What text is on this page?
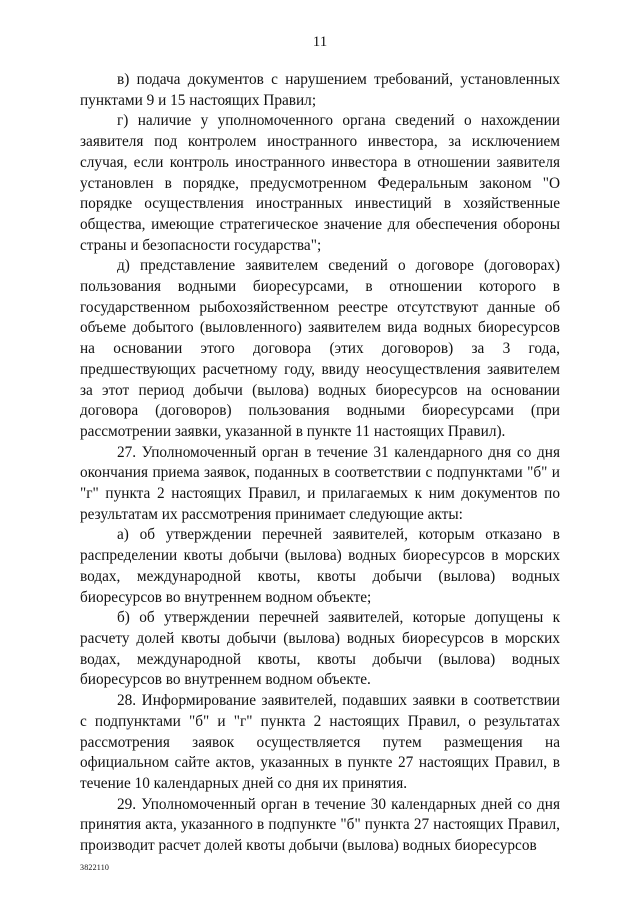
11

в) подача документов с нарушением требований, установленных пунктами 9 и 15 настоящих Правил;

г) наличие у уполномоченного органа сведений о нахождении заявителя под контролем иностранного инвестора, за исключением случая, если контроль иностранного инвестора в отношении заявителя установлен в порядке, предусмотренном Федеральным законом "О порядке осуществления иностранных инвестиций в хозяйственные общества, имеющие стратегическое значение для обеспечения обороны страны и безопасности государства";

д) представление заявителем сведений о договоре (договорах) пользования водными биоресурсами, в отношении которого в государственном рыбохозяйственном реестре отсутствуют данные об объеме добытого (выловленного) заявителем вида водных биоресурсов на основании этого договора (этих договоров) за 3 года, предшествующих расчетному году, ввиду неосуществления заявителем за этот период добычи (вылова) водных биоресурсов на основании договора (договоров) пользования водными биоресурсами (при рассмотрении заявки, указанной в пункте 11 настоящих Правил).

27. Уполномоченный орган в течение 31 календарного дня со дня окончания приема заявок, поданных в соответствии с подпунктами "б" и "г" пункта 2 настоящих Правил, и прилагаемых к ним документов по результатам их рассмотрения принимает следующие акты:

а) об утверждении перечней заявителей, которым отказано в распределении квоты добычи (вылова) водных биоресурсов в морских водах, международной квоты, квоты добычи (вылова) водных биоресурсов во внутреннем водном объекте;

б) об утверждении перечней заявителей, которые допущены к расчету долей квоты добычи (вылова) водных биоресурсов в морских водах, международной квоты, квоты добычи (вылова) водных биоресурсов во внутреннем водном объекте.

28. Информирование заявителей, подавших заявки в соответствии с подпунктами "б" и "г" пункта 2 настоящих Правил, о результатах рассмотрения заявок осуществляется путем размещения на официальном сайте актов, указанных в пункте 27 настоящих Правил, в течение 10 календарных дней со дня их принятия.

29. Уполномоченный орган в течение 30 календарных дней со дня принятия акта, указанного в подпункте "б" пункта 27 настоящих Правил, производит расчет долей квоты добычи (вылова) водных биоресурсов

3822110
